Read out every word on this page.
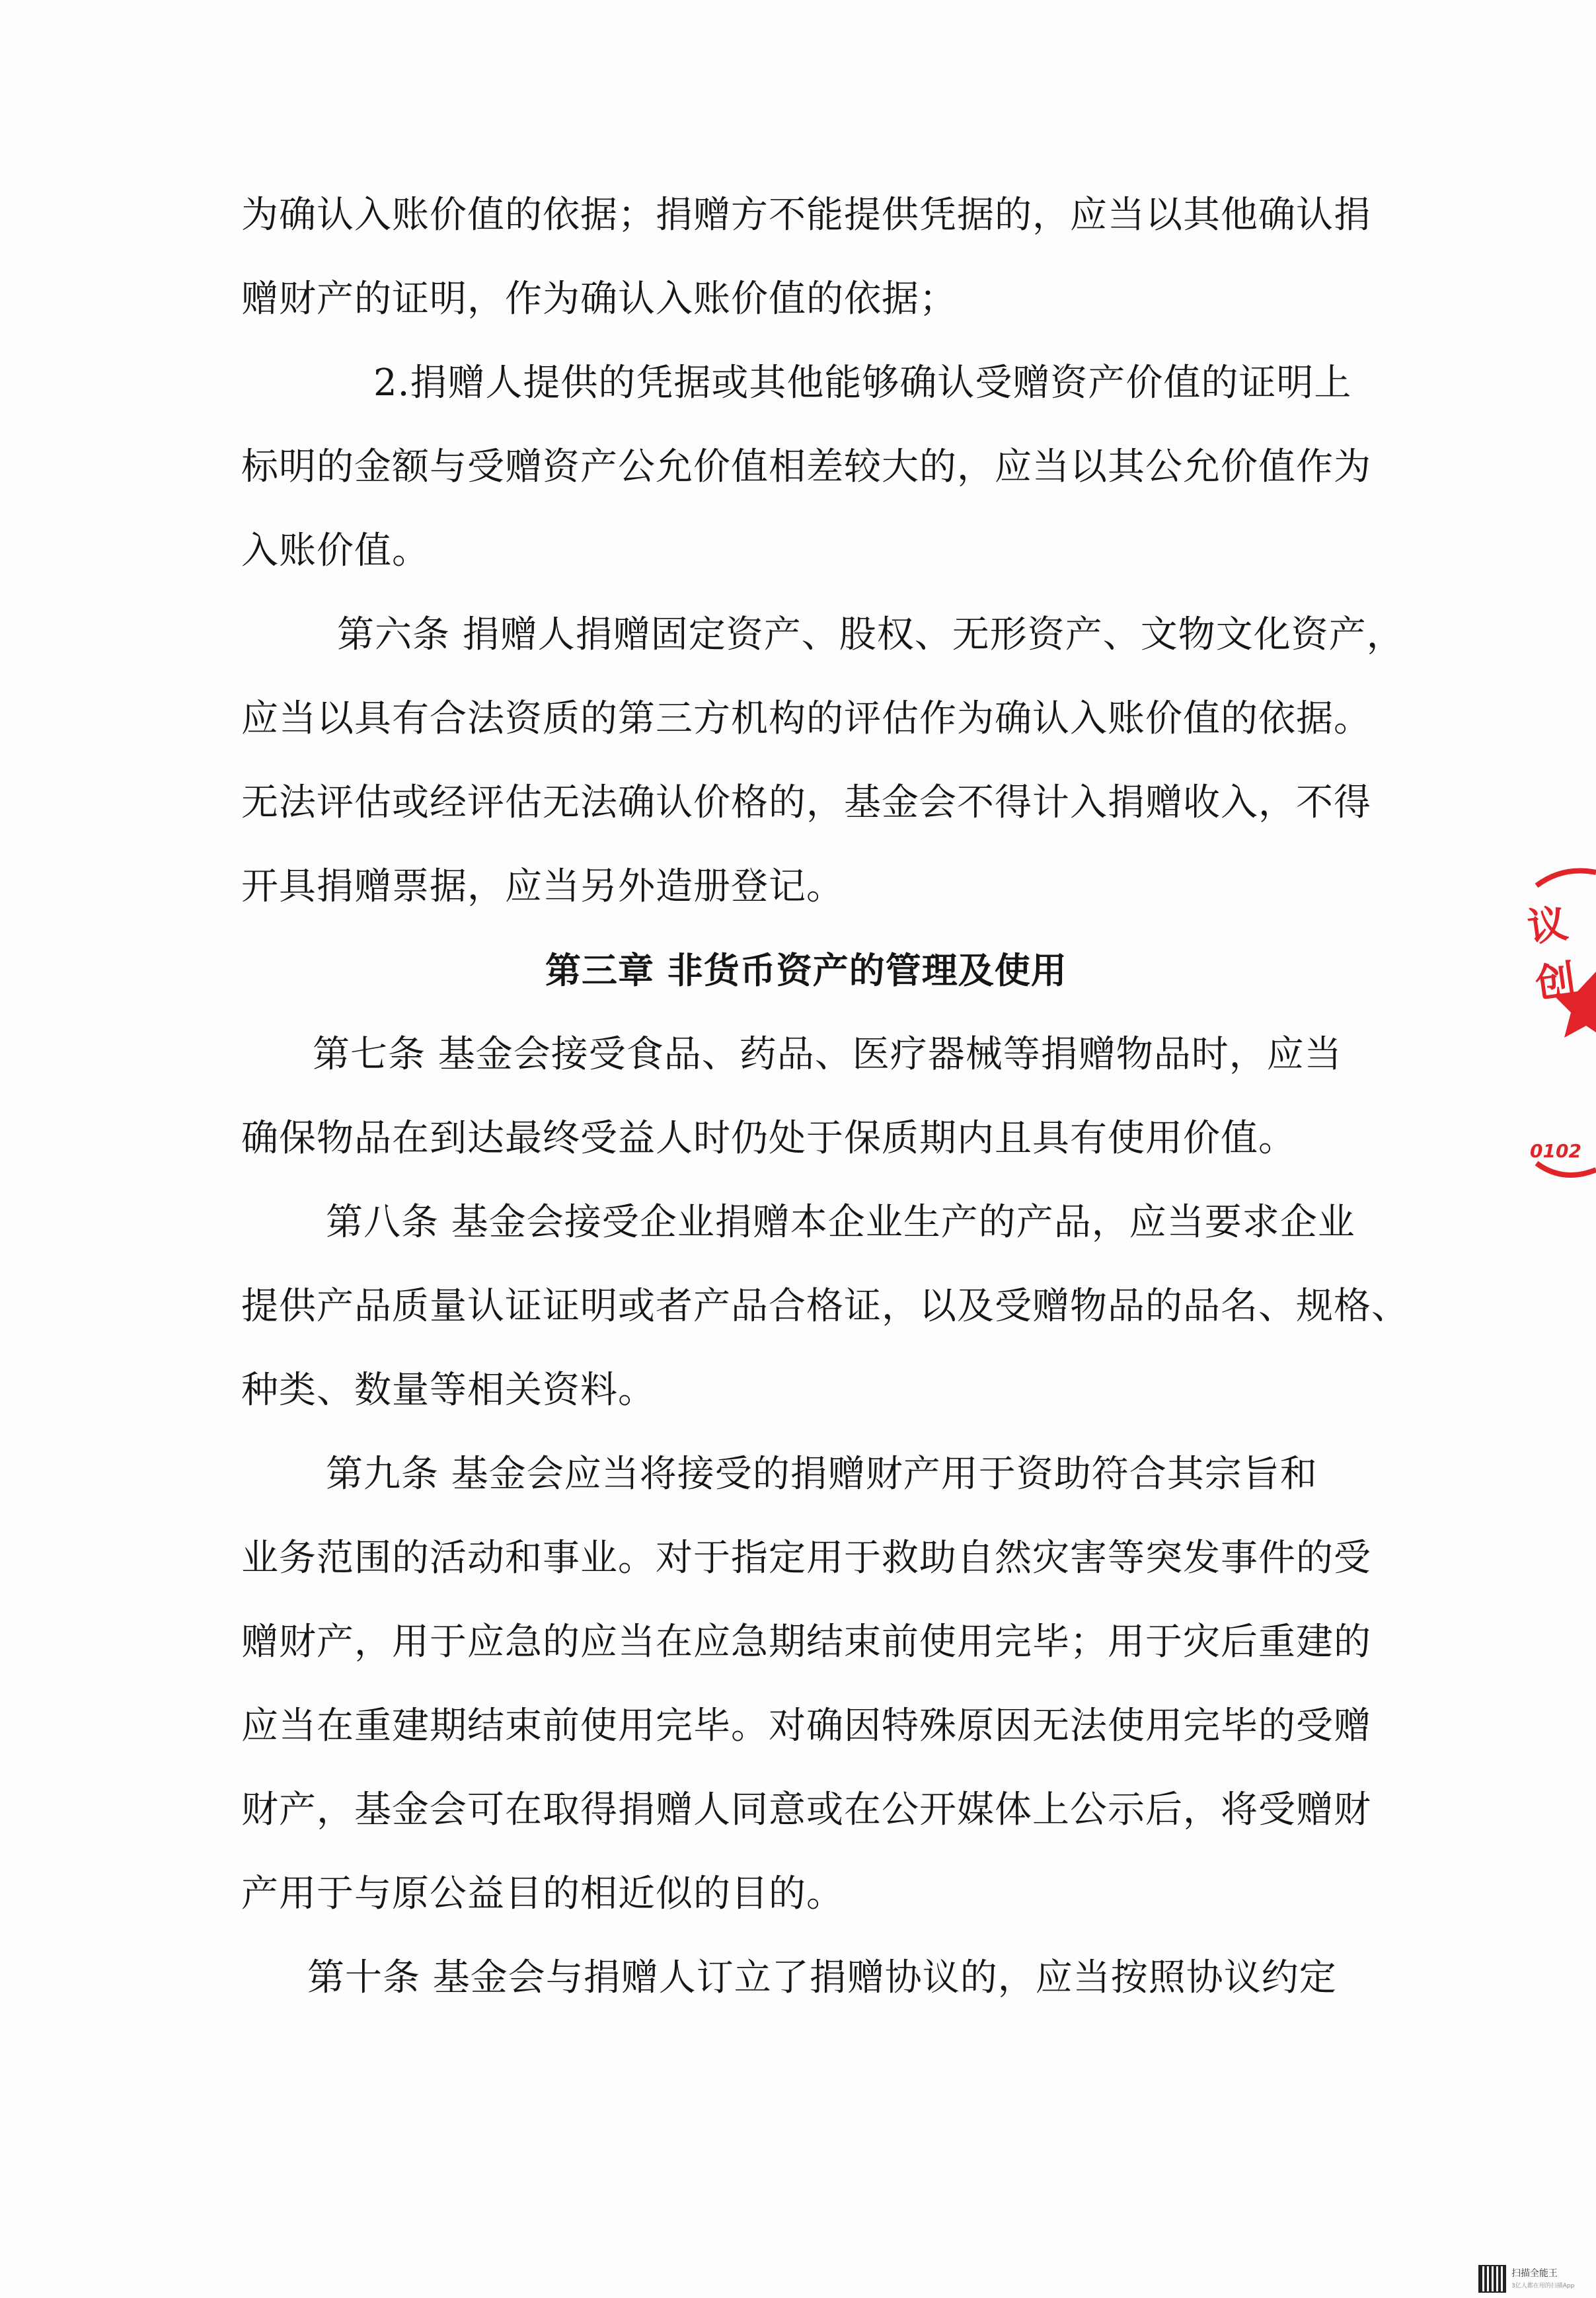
为确认入账价值的依据；捐赠方不能提供凭据的，应当以其他确认捐
赠财产的证明，作为确认入账价值的依据；
2.捐赠人提供的凭据或其他能够确认受赠资产价值的证明上
标明的金额与受赠资产公允价值相差较大的，应当以其公允价值作为
入账价值。
第六条 捐赠人捐赠固定资产、股权、无形资产、文物文化资产，
应当以具有合法资质的第三方机构的评估作为确认入账价值的依据。
无法评估或经评估无法确认价格的，基金会不得计入捐赠收入，不得
开具捐赠票据，应当另外造册登记。
第三章 非货币资产的管理及使用
第七条 基金会接受食品、药品、医疗器械等捐赠物品时，应当
确保物品在到达最终受益人时仍处于保质期内且具有使用价值。
第八条 基金会接受企业捐赠本企业生产的产品，应当要求企业
提供产品质量认证证明或者产品合格证，以及受赠物品的品名、规格、
种类、数量等相关资料。
第九条 基金会应当将接受的捐赠财产用于资助符合其宗旨和
业务范围的活动和事业。对于指定用于救助自然灾害等突发事件的受
赠财产，用于应急的应当在应急期结束前使用完毕；用于灾后重建的
应当在重建期结束前使用完毕。对确因特殊原因无法使用完毕的受赠
财产，基金会可在取得捐赠人同意或在公开媒体上公示后，将受赠财
产用于与原公益目的相近似的目的。
第十条 基金会与捐赠人订立了捐赠协议的，应当按照协议约定
议创
0102
扫描全能王
3亿人都在用的扫描App
